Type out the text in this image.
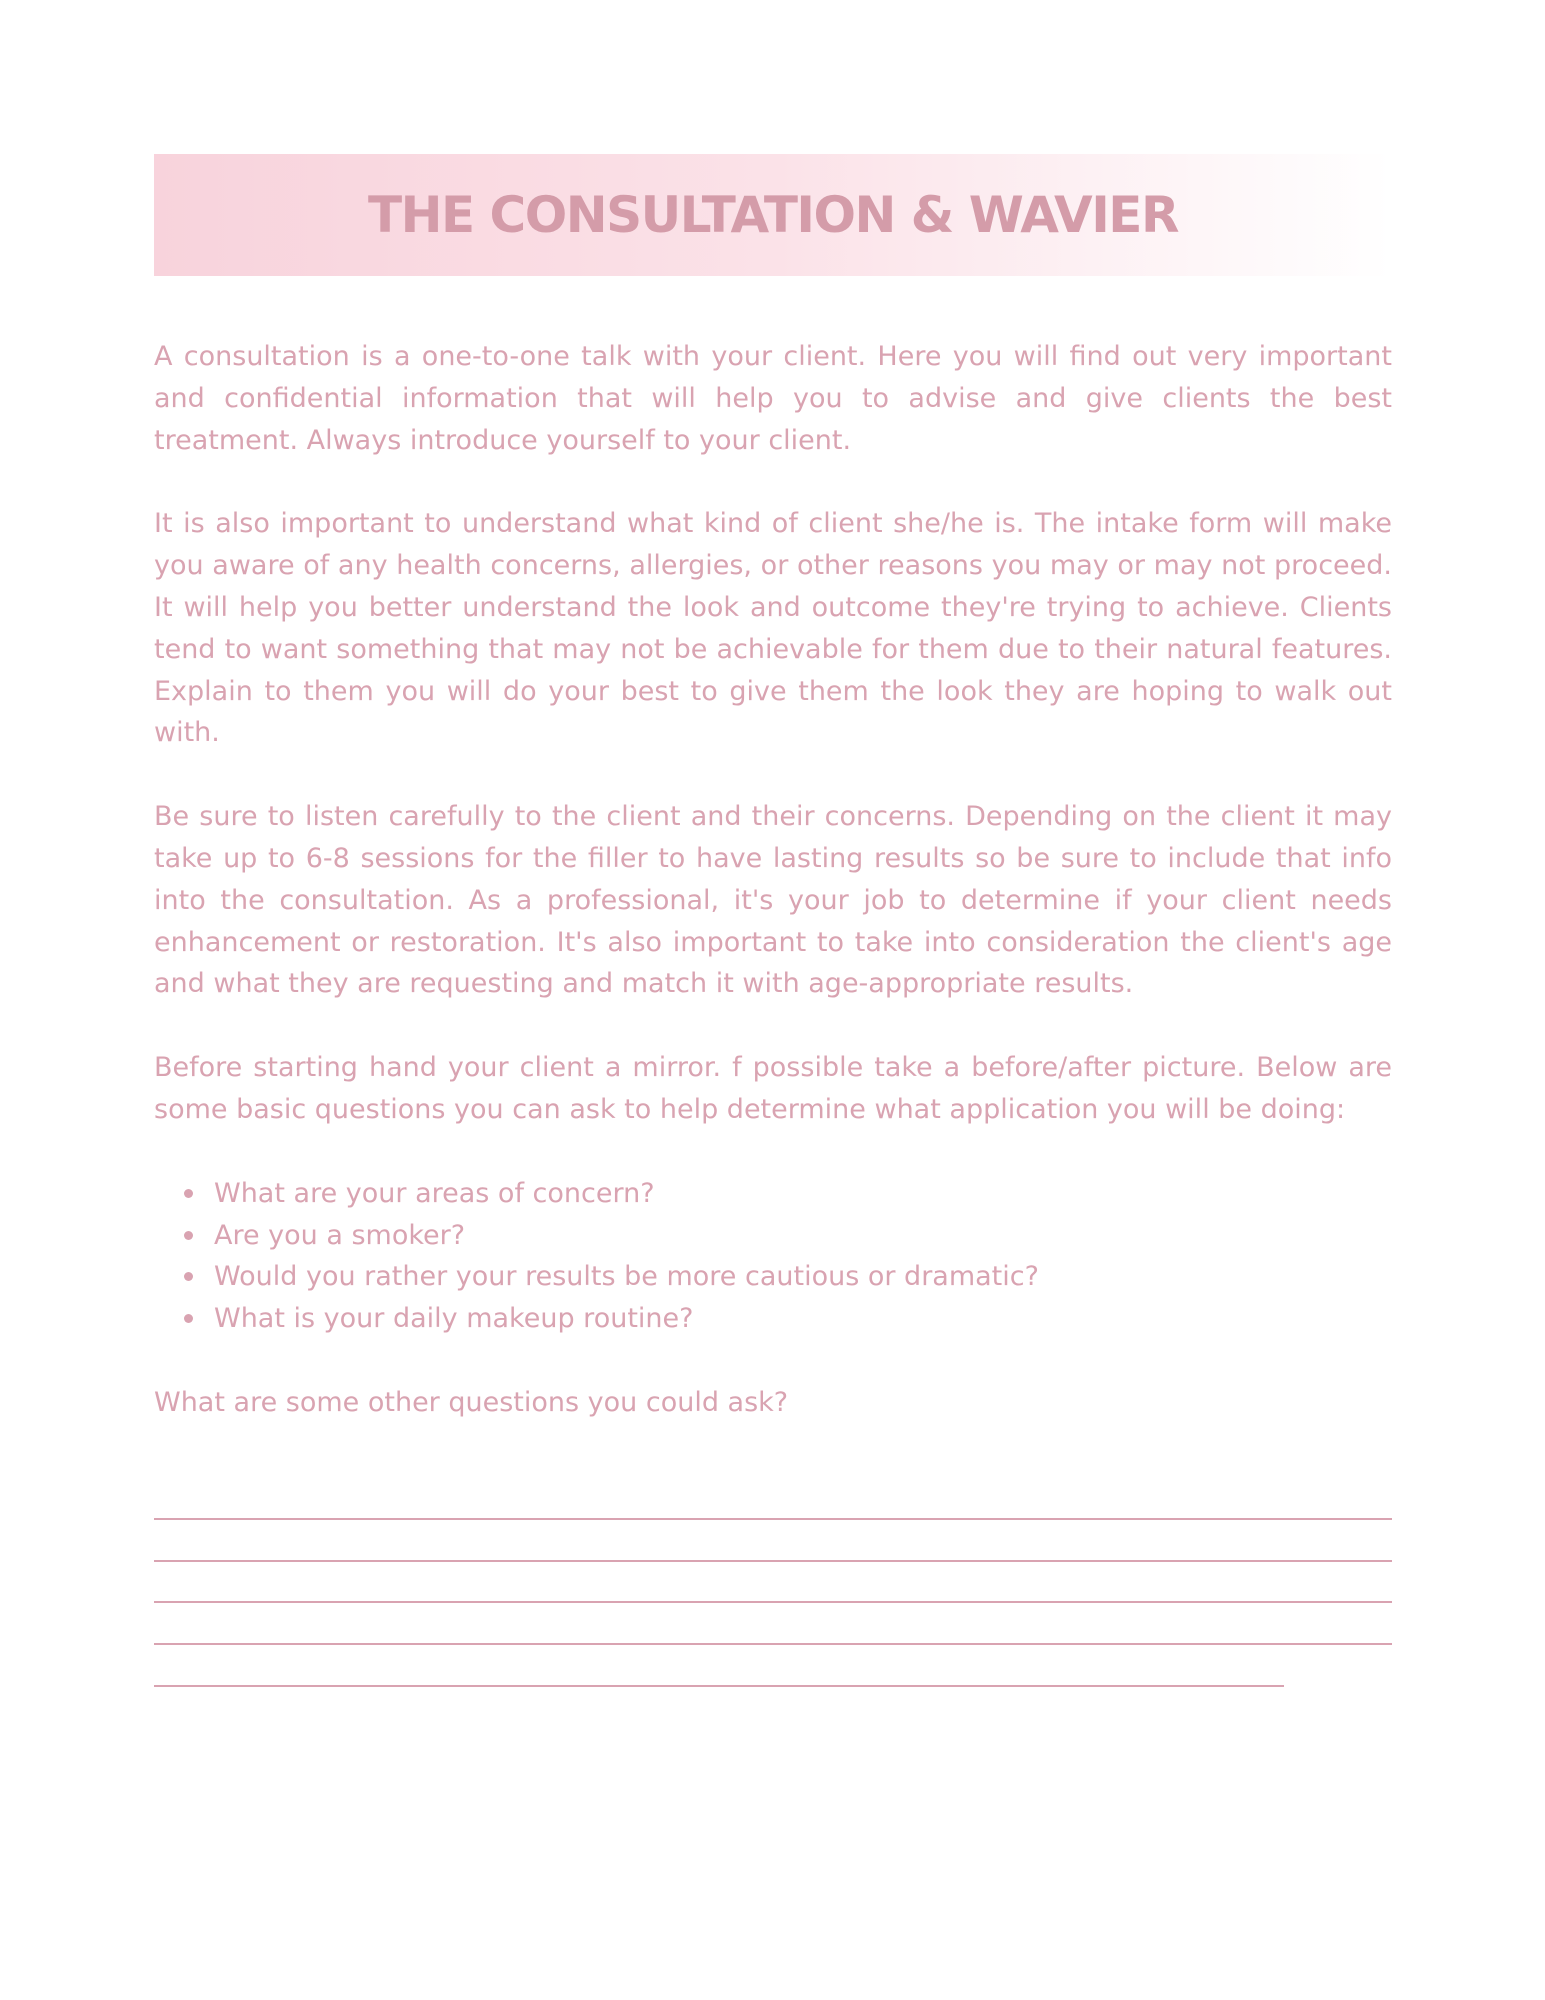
THE CONSULTATION & WAVIER

A consultation is a one-to-one talk with your client. Here you will find out very important and confidential information that will help you to advise and give clients the best treatment. Always introduce yourself to your client.

It is also important to understand what kind of client she/he is. The intake form will make you aware of any health concerns, allergies, or other reasons you may or may not proceed. It will help you better understand the look and outcome they're trying to achieve. Clients tend to want something that may not be achievable for them due to their natural features. Explain to them you will do your best to give them the look they are hoping to walk out with.

Be sure to listen carefully to the client and their concerns. Depending on the client it may take up to 6-8 sessions for the filler to have lasting results so be sure to include that info into the consultation. As a professional, it's your job to determine if your client needs enhancement or restoration. It's also important to take into consideration the client's age and what they are requesting and match it with age-appropriate results.

Before starting hand your client a mirror. f possible take a before/after picture. Below are some basic questions you can ask to help determine what application you will be doing:

What are your areas of concern?
Are you a smoker?
Would you rather your results be more cautious or dramatic?
What is your daily makeup routine?

What are some other questions you could ask?
